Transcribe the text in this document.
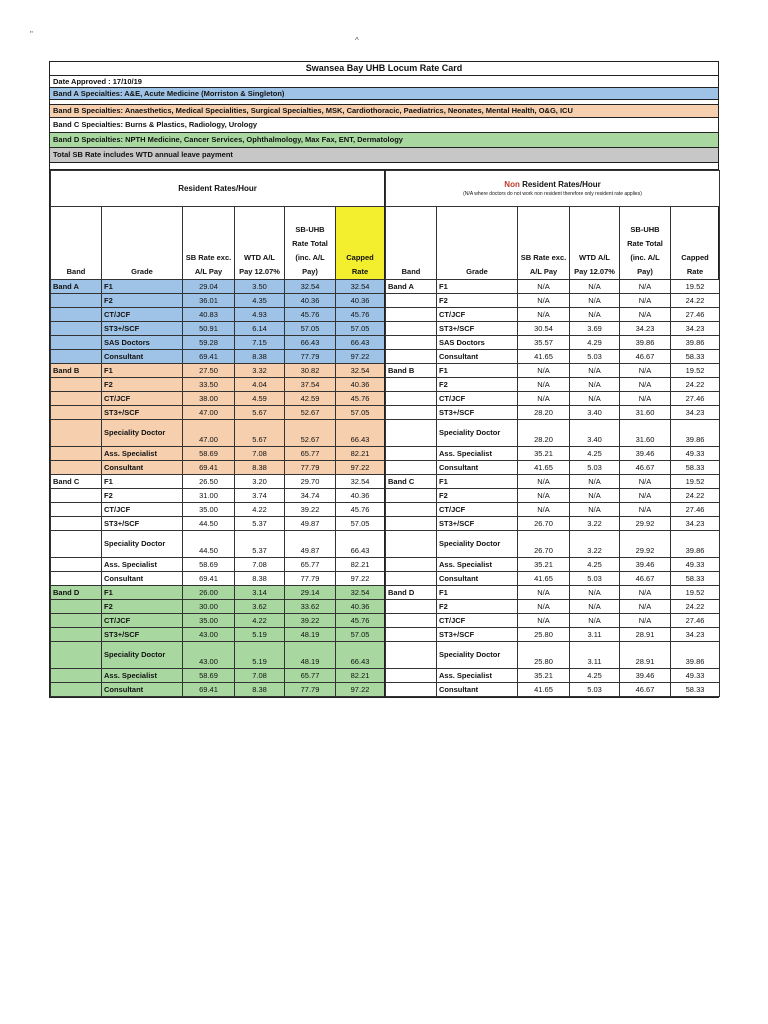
Swansea Bay UHB Locum Rate Card
Date Approved : 17/10/19
Band A Specialties: A&E, Acute Medicine (Morriston & Singleton)
Band B Specialties: Anaesthetics, Medical Specialities, Surgical Specialties, MSK, Cardiothoracic, Paediatrics, Neonates, Mental Health, O&G, ICU
Band C Specialties: Burns & Plastics, Radiology, Urology
Band D Specialties: NPTH Medicine, Cancer Services, Ophthalmology, Max Fax, ENT, Dermatology
Total SB Rate includes WTD annual leave payment
Resident Rates/Hour					
Band	Grade	SB Rate exc. A/L Pay	WTD A/L Pay 12.07%	SB-UHB Rate Total (inc. A/L Pay)	Capped Rate
Band A	F1	29.04	3.50	32.54	32.54
	F2	36.01	4.35	40.36	40.36
	CT/JCF	40.83	4.93	45.76	45.76
	ST3+/SCF	50.91	6.14	57.05	57.05
	SAS Doctors	59.28	7.15	66.43	66.43
	Consultant	69.41	8.38	77.79	97.22
Band B	F1	27.50	3.32	30.82	32.54
	F2	33.50	4.04	37.54	40.36
	CT/JCF	38.00	4.59	42.59	45.76
	ST3+/SCF	47.00	5.67	52.67	57.05
	Speciality Doctor	47.00	5.67	52.67	66.43
	Ass. Specialist	58.69	7.08	65.77	82.21
	Consultant	69.41	8.38	77.79	97.22
Band C	F1	26.50	3.20	29.70	32.54
	F2	31.00	3.74	34.74	40.36
	CT/JCF	35.00	4.22	39.22	45.76
	ST3+/SCF	44.50	5.37	49.87	57.05
	Speciality Doctor	44.50	5.37	49.87	66.43
	Ass. Specialist	58.69	7.08	65.77	82.21
	Consultant	69.41	8.38	77.79	97.22
Band D	F1	26.00	3.14	29.14	32.54
	F2	30.00	3.62	33.62	40.36
	CT/JCF	35.00	4.22	39.22	45.76
	ST3+/SCF	43.00	5.19	48.19	57.05
	Speciality Doctor	43.00	5.19	48.19	66.43
	Ass. Specialist	58.69	7.08	65.77	82.21
	Consultant	69.41	8.38	77.79	97.22
Non Resident Rates/Hour
(N/A where doctors do not work non resident therefore only resident rate applies)					

Band	Grade	SB Rate exc. A/L Pay	WTD A/L Pay 12.07%	SB-UHB Rate Total (inc. A/L Pay)	Capped Rate
Band A	F1	N/A	N/A	N/A	19.52
	F2	N/A	N/A	N/A	24.22
	CT/JCF	N/A	N/A	N/A	27.46
	ST3+/SCF	30.54	3.69	34.23	34.23
	SAS Doctors	35.57	4.29	39.86	39.86
	Consultant	41.65	5.03	46.67	58.33
Band B	F1	N/A	N/A	N/A	19.52
	F2	N/A	N/A	N/A	24.22
	CT/JCF	N/A	N/A	N/A	27.46
	ST3+/SCF	28.20	3.40	31.60	34.23
	Speciality Doctor	28.20	3.40	31.60	39.86
	Ass. Specialist	35.21	4.25	39.46	49.33
	Consultant	41.65	5.03	46.67	58.33
Band C	F1	N/A	N/A	N/A	19.52
	F2	N/A	N/A	N/A	24.22
	CT/JCF	N/A	N/A	N/A	27.46
	ST3+/SCF	26.70	3.22	29.92	34.23
	Speciality Doctor	26.70	3.22	29.92	39.86
	Ass. Specialist	35.21	4.25	39.46	49.33
	Consultant	41.65	5.03	46.67	58.33
Band D	F1	N/A	N/A	N/A	19.52
	F2	N/A	N/A	N/A	24.22
	CT/JCF	N/A	N/A	N/A	27.46
	ST3+/SCF	25.80	3.11	28.91	34.23
	Speciality Doctor	25.80	3.11	28.91	39.86
	Ass. Specialist	35.21	4.25	39.46	49.33
	Consultant	41.65	5.03	46.67	58.33
"
^
